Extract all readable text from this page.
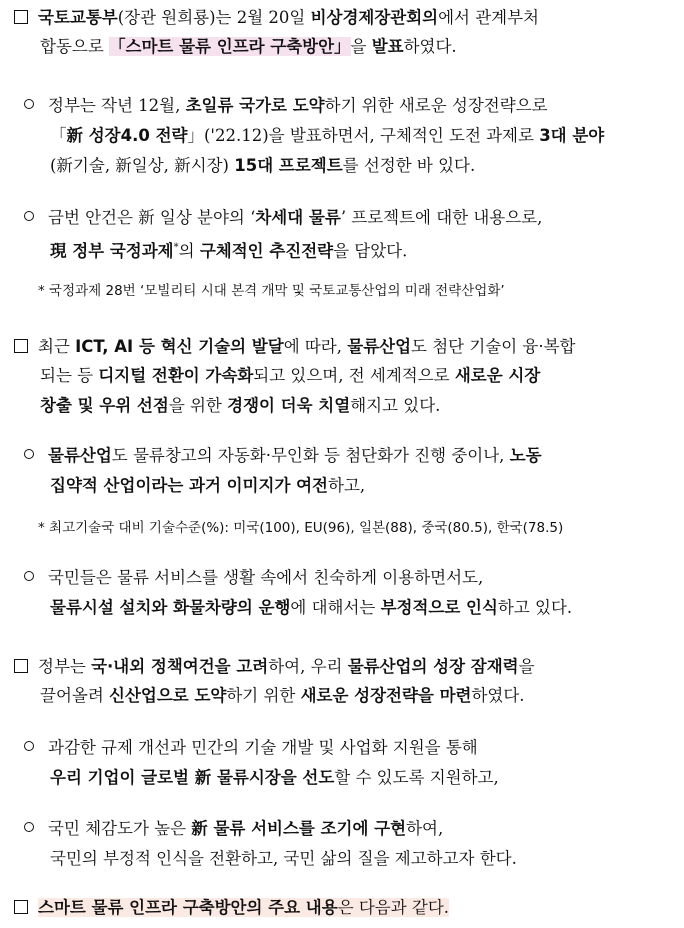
국토교통부(장관 원희룡)는 2월 20일 비상경제장관회의에서 관계부처
합동으로 「스마트 물류 인프라 구축방안」을 발표하였다.
정부는 작년 12월, 초일류 국가로 도약하기 위한 새로운 성장전략으로
「新 성장4.0 전략」('22.12)을 발표하면서, 구체적인 도전 과제로 3대 분야
(新기술, 新일상, 新시장) 15대 프로젝트를 선정한 바 있다.
금번 안건은 新 일상 분야의 ‘차세대 물류’ 프로젝트에 대한 내용으로,
現 정부 국정과제*의 구체적인 추진전략을 담았다.
* 국정과제 28번 ‘모빌리티 시대 본격 개막 및 국토교통산업의 미래 전략산업화’
최근 ICT, AI 등 혁신 기술의 발달에 따라, 물류산업도 첨단 기술이 융·복합
되는 등 디지털 전환이 가속화되고 있으며, 전 세계적으로 새로운 시장
창출 및 우위 선점을 위한 경쟁이 더욱 치열해지고 있다.
물류산업도 물류창고의 자동화·무인화 등 첨단화가 진행 중이나, 노동
집약적 산업이라는 과거 이미지가 여전하고,
* 최고기술국 대비 기술수준(%): 미국(100), EU(96), 일본(88), 중국(80.5), 한국(78.5)
국민들은 물류 서비스를 생활 속에서 친숙하게 이용하면서도,
물류시설 설치와 화물차량의 운행에 대해서는 부정적으로 인식하고 있다.
정부는 국·내외 정책여건을 고려하여, 우리 물류산업의 성장 잠재력을
끌어올려 신산업으로 도약하기 위한 새로운 성장전략을 마련하였다.
과감한 규제 개선과 민간의 기술 개발 및 사업화 지원을 통해
우리 기업이 글로벌 新 물류시장을 선도할 수 있도록 지원하고,
국민 체감도가 높은 新 물류 서비스를 조기에 구현하여,
국민의 부정적 인식을 전환하고, 국민 삶의 질을 제고하고자 한다.
스마트 물류 인프라 구축방안의 주요 내용은 다음과 같다.
